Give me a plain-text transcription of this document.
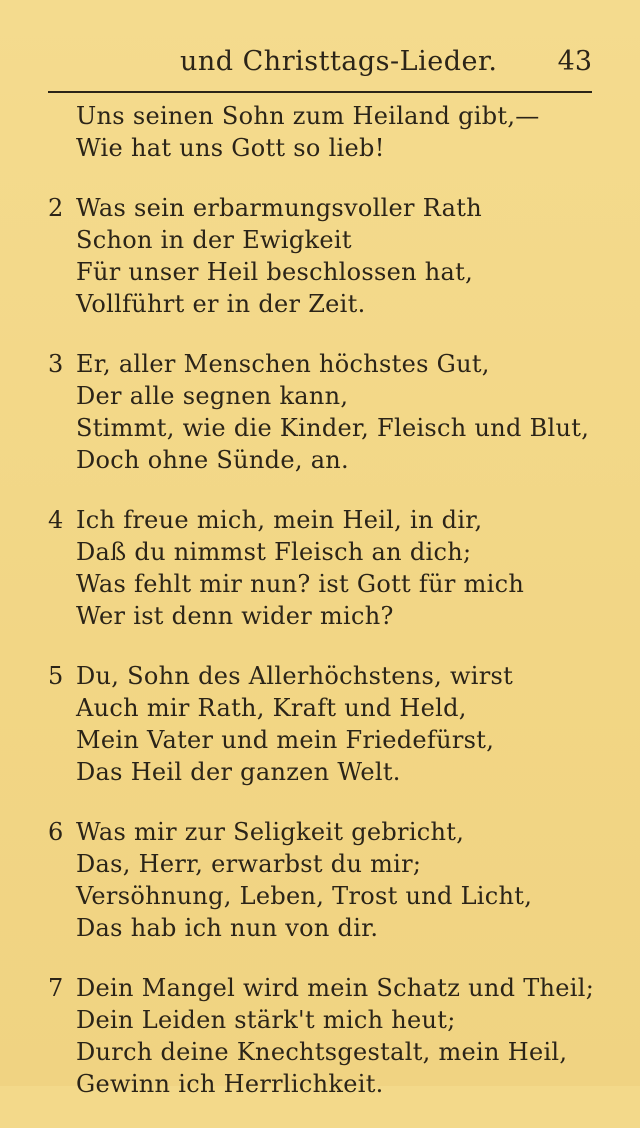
und Christtags-Lieder. 43
Uns seinen Sohn zum Heiland gibt,—
Wie hat uns Gott so lieb!
2 Was sein erbarmungsvoller Rath
Schon in der Ewigkeit
Für unser Heil beschlossen hat,
Vollführt er in der Zeit.
3 Er, aller Menschen höchstes Gut,
Der alle segnen kann,
Stimmt, wie die Kinder, Fleisch und Blut,
Doch ohne Sünde, an.
4 Ich freue mich, mein Heil, in dir,
Daß du nimmst Fleisch an dich;
Was fehlt mir nun? ist Gott für mich
Wer ist denn wider mich?
5 Du, Sohn des Allerhöchstens, wirst
Auch mir Rath, Kraft und Held,
Mein Vater und mein Friedefürst,
Das Heil der ganzen Welt.
6 Was mir zur Seligkeit gebricht,
Das, Herr, erwarbst du mir;
Versöhnung, Leben, Trost und Licht,
Das hab ich nun von dir.
7 Dein Mangel wird mein Schatz und Theil;
Dein Leiden stärk't mich heut;
Durch deine Knechtsgestalt, mein Heil,
Gewinn ich Herrlichkeit.
